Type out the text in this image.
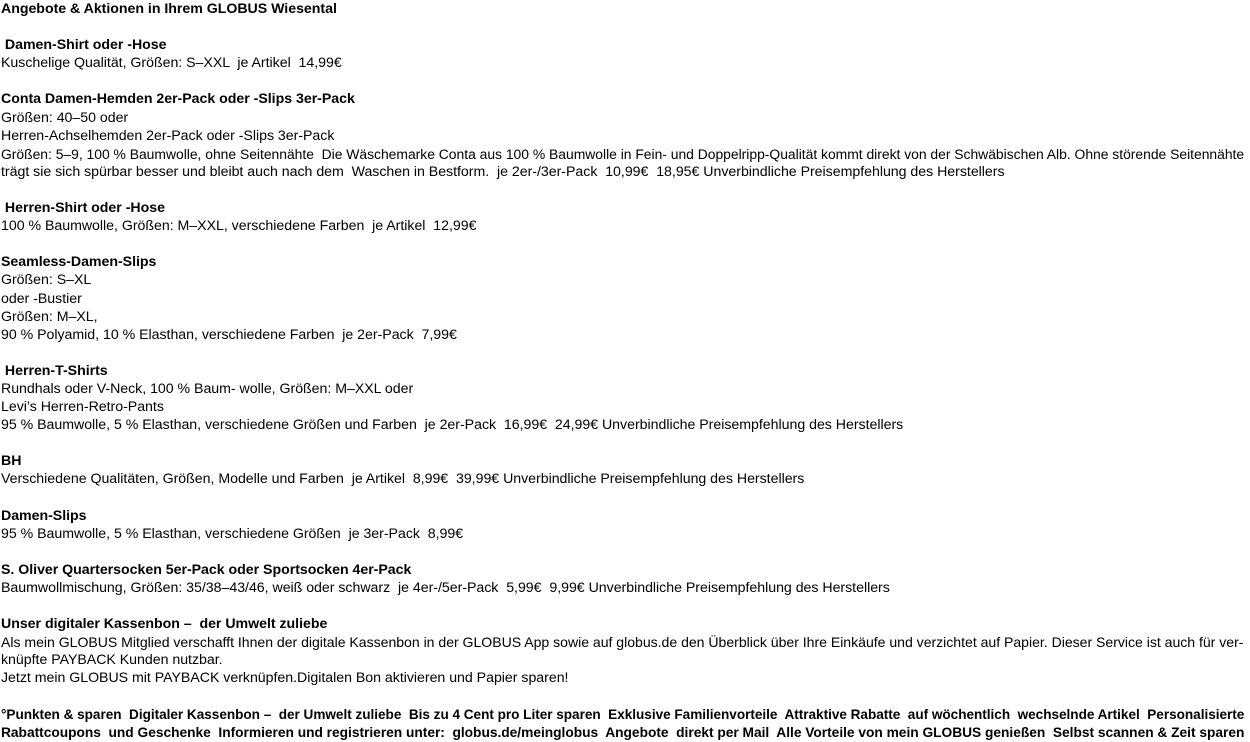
Angebote & Aktionen in Ihrem GLOBUS Wiesental
Damen-Shirt oder -Hose
Kuschelige Qualität, Größen: S–XXL  je Artikel  14,99€
Conta Damen-Hemden 2er-Pack oder -Slips 3er-Pack
Größen: 40–50 oder
Herren-Achselhemden 2er-Pack oder -Slips 3er-Pack
Größen: 5–9, 100 % Baumwolle, ohne Seitennähte  Die Wäschemarke Conta aus 100 % Baumwolle in Fein- und Doppelripp-Qualität kommt direkt von der Schwäbischen Alb. Ohne störende Seitennähte
trägt sie sich spürbar besser und bleibt auch nach dem  Waschen in Bestform.  je 2er-/3er-Pack  10,99€  18,95€ Unverbindliche Preisempfehlung des Herstellers
Herren-Shirt oder -Hose
100 % Baumwolle, Größen: M–XXL, verschiedene Farben  je Artikel  12,99€
Seamless-Damen-Slips
Größen: S–XL
oder -Bustier
Größen: M–XL,
90 % Polyamid, 10 % Elasthan, verschiedene Farben  je 2er-Pack  7,99€
Herren-T-Shirts
Rundhals oder V-Neck, 100 % Baum- wolle, Größen: M–XXL oder
Levi’s Herren-Retro-Pants
95 % Baumwolle, 5 % Elasthan, verschiedene Größen und Farben  je 2er-Pack  16,99€  24,99€ Unverbindliche Preisempfehlung des Herstellers
BH
Verschiedene Qualitäten, Größen, Modelle und Farben  je Artikel  8,99€  39,99€ Unverbindliche Preisempfehlung des Herstellers
Damen-Slips
95 % Baumwolle, 5 % Elasthan, verschiedene Größen  je 3er-Pack  8,99€
S. Oliver Quartersocken 5er-Pack oder Sportsocken 4er-Pack
Baumwollmischung, Größen: 35/38–43/46, weiß oder schwarz  je 4er-/5er-Pack  5,99€  9,99€ Unverbindliche Preisempfehlung des Herstellers
Unser digitaler Kassenbon –  der Umwelt zuliebe
Als mein GLOBUS Mitglied verschafft Ihnen der digitale Kassenbon in der GLOBUS App sowie auf globus.de den Überblick über Ihre Einkäufe und verzichtet auf Papier. Dieser Service ist auch für ver-
knüpfte PAYBACK Kunden nutzbar.
Jetzt mein GLOBUS mit PAYBACK verknüpfen.Digitalen Bon aktivieren und Papier sparen!
°Punkten & sparen  Digitaler Kassenbon –  der Umwelt zuliebe  Bis zu 4 Cent pro Liter sparen  Exklusive Familienvorteile  Attraktive Rabatte  auf wöchentlich  wechselnde Artikel  Personalisierte
Rabattcoupons  und Geschenke  Informieren und registrieren unter:  globus.de/meinglobus  Angebote  direkt per Mail  Alle Vorteile von mein GLOBUS genießen  Selbst scannen & Zeit sparen
